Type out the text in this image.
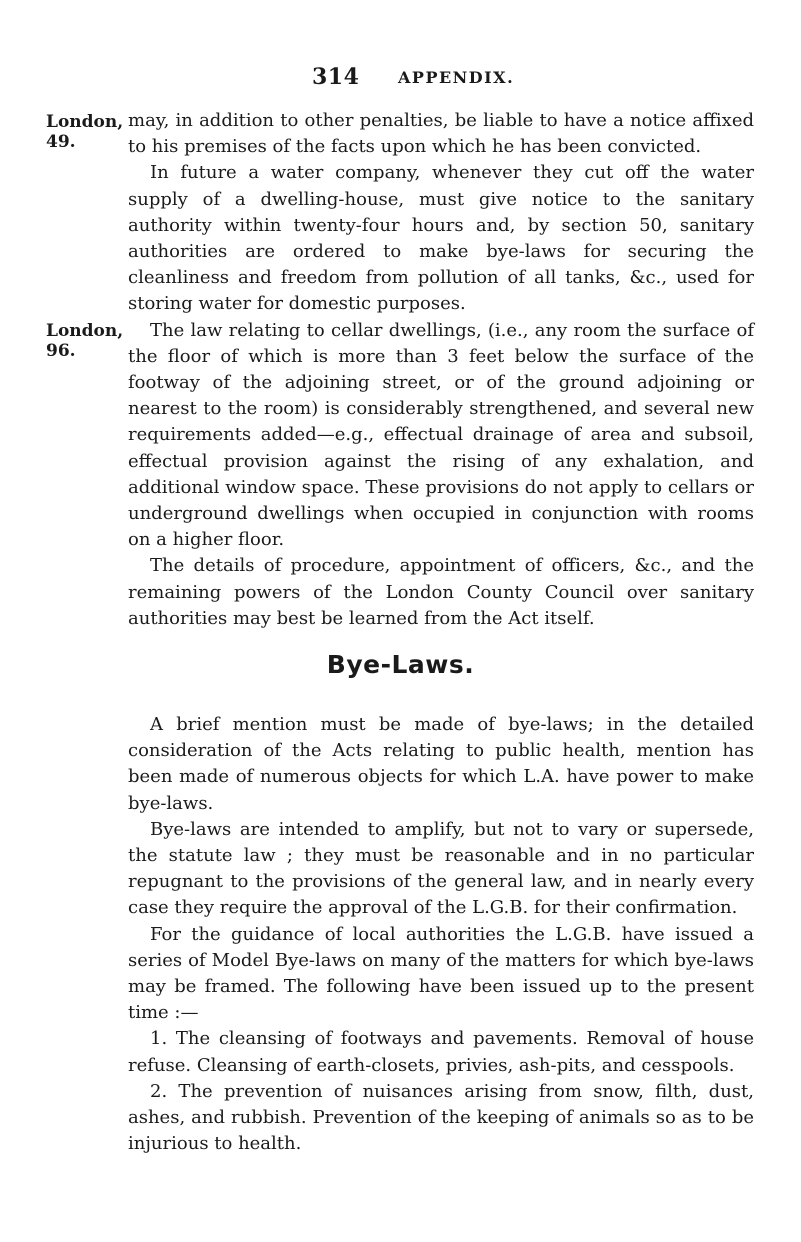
314 APPENDIX.
London,
49.
London,
96.

may, in addition to other penalties, be liable to have a notice affixed to his premises of the facts upon which he has been convicted.

In future a water company, whenever they cut off the water supply of a dwelling-house, must give notice to the sanitary authority within twenty-four hours and, by section 50, sanitary authorities are ordered to make bye-laws for securing the cleanliness and freedom from pollution of all tanks, &c., used for storing water for domestic purposes.

The law relating to cellar dwellings, (i.e., any room the surface of the floor of which is more than 3 feet below the surface of the footway of the adjoining street, or of the ground adjoining or nearest to the room) is considerably strengthened, and several new requirements added—e.g., effectual drainage of area and subsoil, effectual provision against the rising of any exhalation, and additional window space. These provisions do not apply to cellars or underground dwellings when occupied in conjunction with rooms on a higher floor.

The details of procedure, appointment of officers, &c., and the remaining powers of the London County Council over sanitary authorities may best be learned from the Act itself.

Bye-Laws.

A brief mention must be made of bye-laws; in the detailed consideration of the Acts relating to public health, mention has been made of numerous objects for which L.A. have power to make bye-laws.

Bye-laws are intended to amplify, but not to vary or supersede, the statute law ; they must be reasonable and in no particular repugnant to the provisions of the general law, and in nearly every case they require the approval of the L.G.B. for their confirmation.

For the guidance of local authorities the L.G.B. have issued a series of Model Bye-laws on many of the matters for which bye-laws may be framed. The following have been issued up to the present time :—

1. The cleansing of footways and pavements. Removal of house refuse. Cleansing of earth-closets, privies, ash-pits, and cesspools.

2. The prevention of nuisances arising from snow, filth, dust, ashes, and rubbish. Prevention of the keeping of animals so as to be injurious to health.
